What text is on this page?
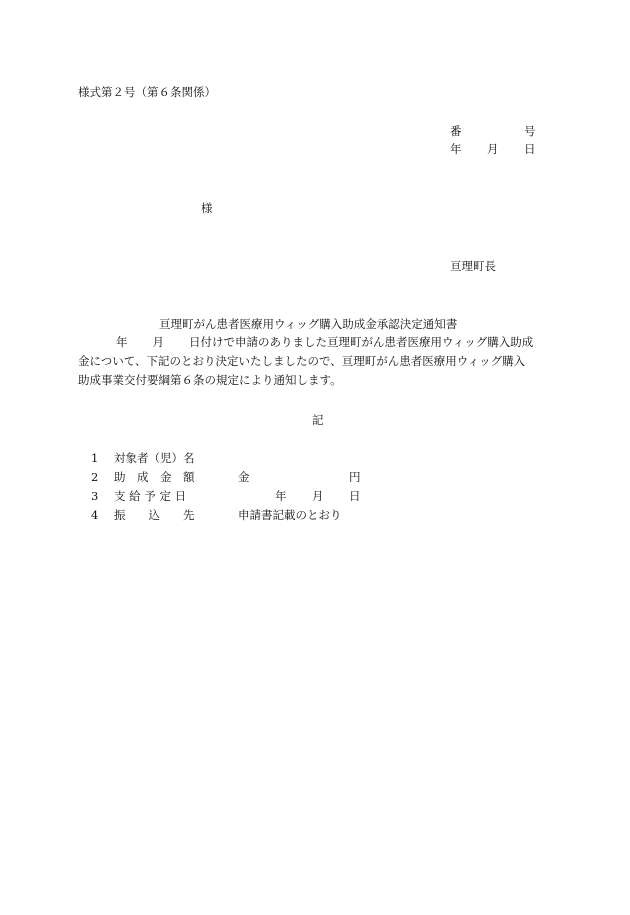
様式第２号（第６条関係）
番	号
年 月 日
様
亘理町長
亘理町がん患者医療用ウィッグ購入助成金承認決定通知書
年 月 日付けで申請のありました亘理町がん患者医療用ウィッグ購入助成
金について、下記のとおり決定いたしましたので、亘理町がん患者医療用ウィッグ購入
助成事業交付要綱第６条の規定により通知します。
記
1 対象者（児）名
2 助　成　金　額	金	円
3 支 給 予 定 日	年 月 日
4 振　　込　　先	申請書記載のとおり
